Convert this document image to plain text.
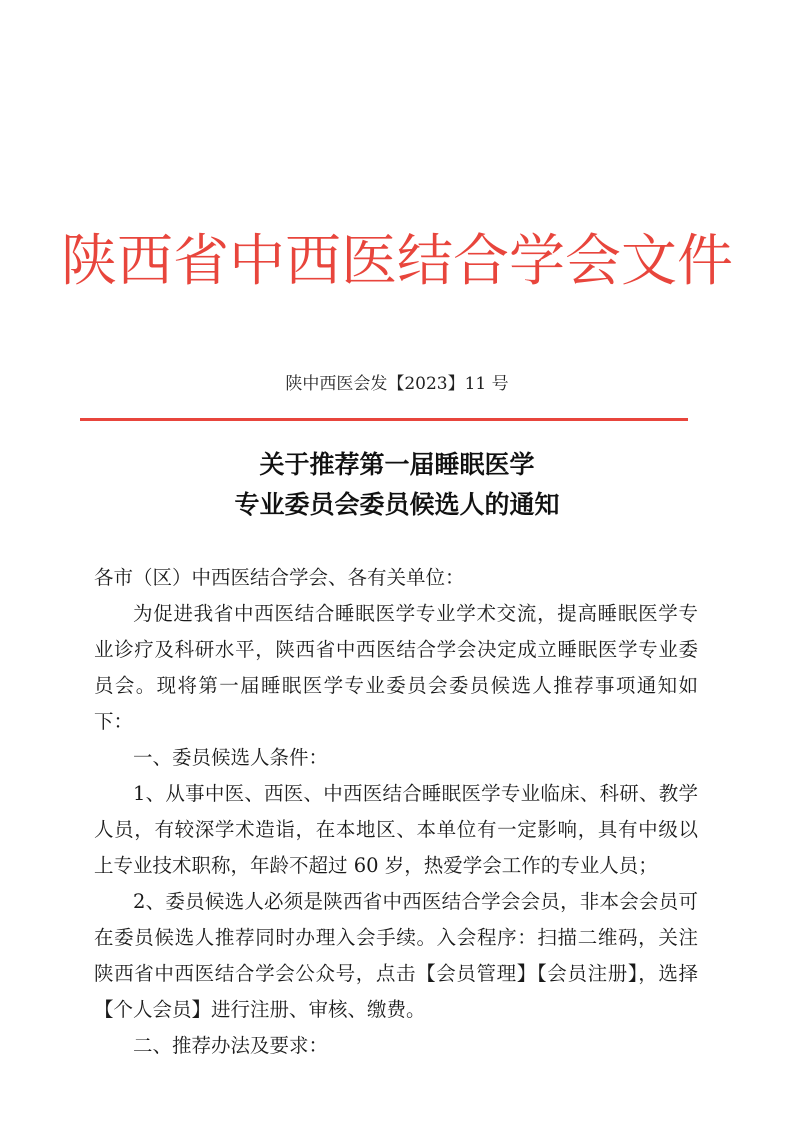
陕西省中西医结合学会文件
陕中西医会发【2023】11 号
关于推荐第一届睡眠医学
专业委员会委员候选人的通知

各市（区）中西医结合学会、各有关单位：

为促进我省中西医结合睡眠医学专业学术交流，提高睡眠医学专业诊疗及科研水平，陕西省中西医结合学会决定成立睡眠医学专业委员会。现将第一届睡眠医学专业委员会委员候选人推荐事项通知如下：

一、委员候选人条件：

1、从事中医、西医、中西医结合睡眠医学专业临床、科研、教学人员，有较深学术造诣，在本地区、本单位有一定影响，具有中级以上专业技术职称，年龄不超过 60 岁，热爱学会工作的专业人员；

2、委员候选人必须是陕西省中西医结合学会会员，非本会会员可在委员候选人推荐同时办理入会手续。入会程序：扫描二维码，关注陕西省中西医结合学会公众号，点击【会员管理】【会员注册】，选择【个人会员】进行注册、审核、缴费。

二、推荐办法及要求：
